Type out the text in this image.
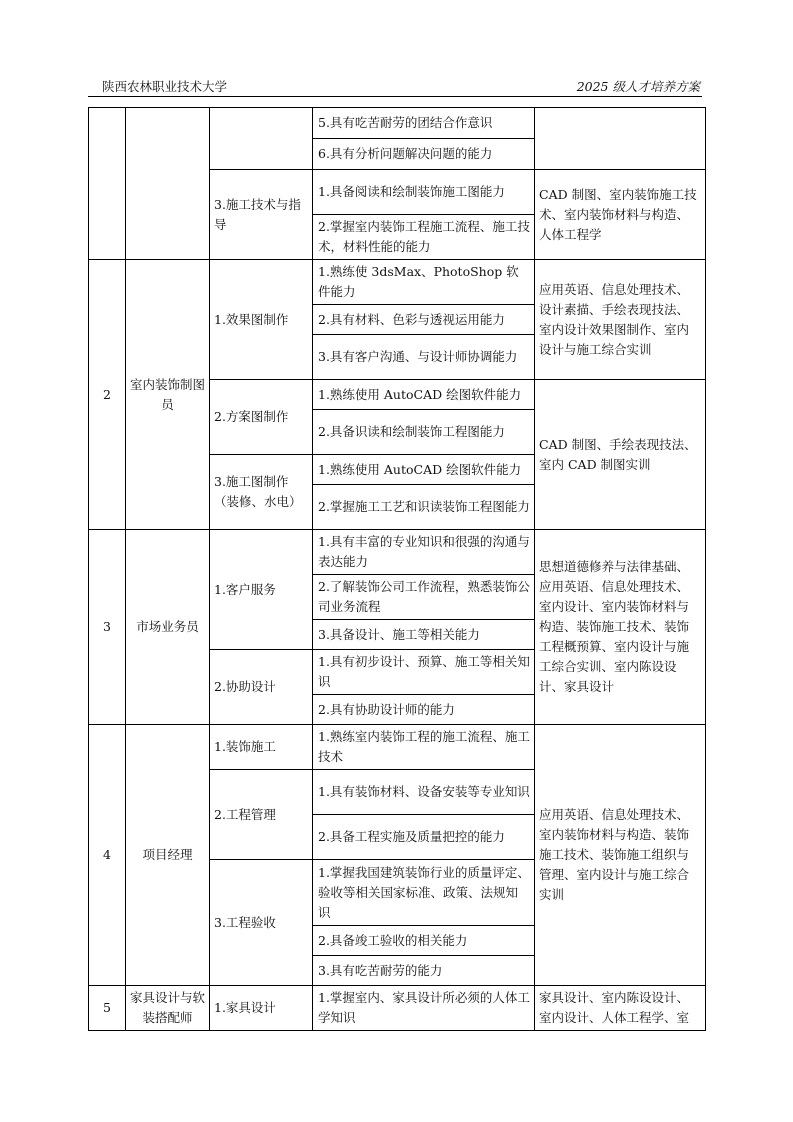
陕西农林职业技术大学	2025 级人才培养方案
			5.具有吃苦耐劳的团结合作意识	
			6.具有分析问题解决问题的能力	
		3.施工技术与指导	1.具备阅读和绘制装饰施工图能力	CAD 制图、室内装饰施工技术、室内装饰材料与构造、人体工程学
			2.掌握室内装饰工程施工流程、施工技术，材料性能的能力	
2	室内装饰制图员	1.效果图制作	1.熟练使 3dsMax、PhotoShop 软件能力	应用英语、信息处理技术、设计素描、手绘表现技法、室内设计效果图制作、室内设计与施工综合实训
			2.具有材料、色彩与透视运用能力	
			3.具有客户沟通、与设计师协调能力	
		2.方案图制作	1.熟练使用 AutoCAD 绘图软件能力	CAD 制图、手绘表现技法、室内 CAD 制图实训
			2.具备识读和绘制装饰工程图能力	
		3.施工图制作（装修、水电）	1.熟练使用 AutoCAD 绘图软件能力	
			2.掌握施工工艺和识读装饰工程图能力	
3	市场业务员	1.客户服务	1.具有丰富的专业知识和很强的沟通与表达能力	思想道德修养与法律基础、应用英语、信息处理技术、室内设计、室内装饰材料与构造、装饰施工技术、装饰工程概预算、室内设计与施工综合实训、室内陈设设计、家具设计
			2.了解装饰公司工作流程，熟悉装饰公司业务流程	
			3.具备设计、施工等相关能力	
		2.协助设计	1.具有初步设计、预算、施工等相关知识	
			2.具有协助设计师的能力	
4	项目经理	1.装饰施工	1.熟练室内装饰工程的施工流程、施工技术	应用英语、信息处理技术、室内装饰材料与构造、装饰施工技术、装饰施工组织与管理、室内设计与施工综合实训
		2.工程管理	1.具有装饰材料、设备安装等专业知识	
			2.具备工程实施及质量把控的能力	
		3.工程验收	1.掌握我国建筑装饰行业的质量评定、验收等相关国家标准、政策、法规知识	
			2.具备竣工验收的相关能力	
			3.具有吃苦耐劳的能力	
5	家具设计与软装搭配师	1.家具设计	1.掌握室内、家具设计所必须的人体工学知识	家具设计、室内陈设设计、室内设计、人体工程学、室
